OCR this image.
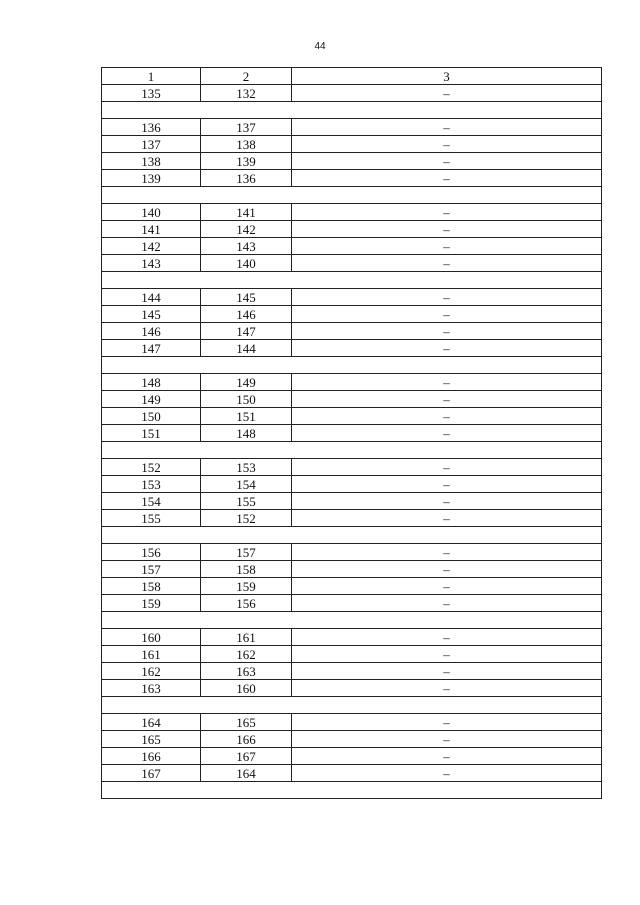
44
1	2	3
135	132	–

136	137	–
137	138	–
138	139	–
139	136	–

140	141	–
141	142	–
142	143	–
143	140	–

144	145	–
145	146	–
146	147	–
147	144	–

148	149	–
149	150	–
150	151	–
151	148	–

152	153	–
153	154	–
154	155	–
155	152	–

156	157	–
157	158	–
158	159	–
159	156	–

160	161	–
161	162	–
162	163	–
163	160	–

164	165	–
165	166	–
166	167	–
167	164	–
